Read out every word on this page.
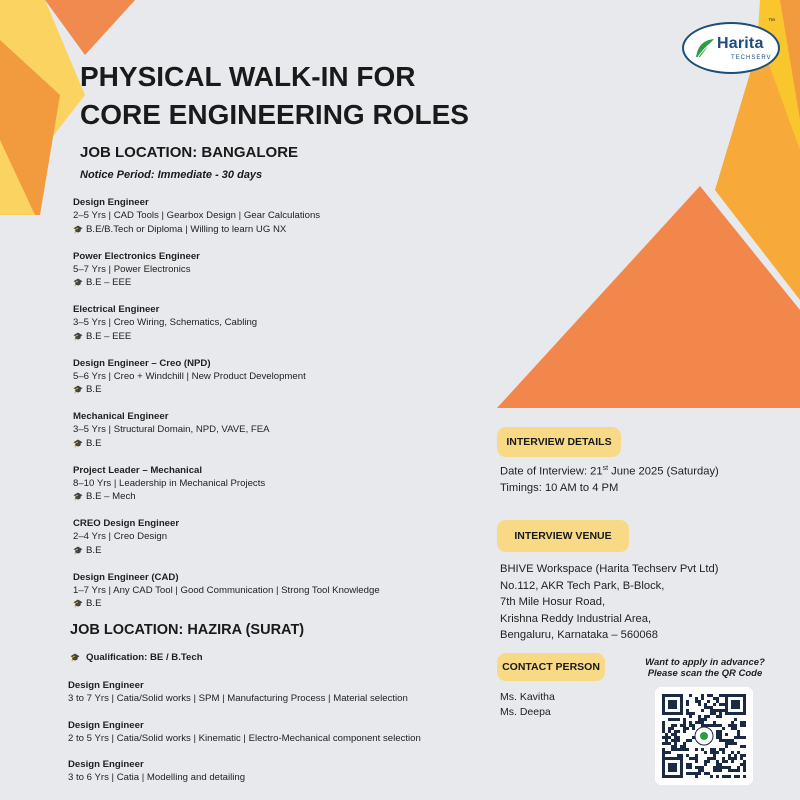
Harita
TECHSERV
™
PHYSICAL WALK-IN FOR
CORE ENGINEERING ROLES
JOB LOCATION: BANGALORE
Notice Period: Immediate - 30 days
Design Engineer
2–5 Yrs | CAD Tools | Gearbox Design | Gear Calculations
🎓 B.E/B.Tech or Diploma | Willing to learn UG NX
Power Electronics Engineer
5–7 Yrs | Power Electronics
🎓 B.E – EEE
Electrical Engineer
3–5 Yrs | Creo Wiring, Schematics, Cabling
🎓 B.E – EEE
Design Engineer – Creo (NPD)
5–6 Yrs | Creo + Windchill | New Product Development
🎓 B.E
Mechanical Engineer
3–5 Yrs | Structural Domain, NPD, VAVE, FEA
🎓 B.E
Project Leader – Mechanical
8–10 Yrs | Leadership in Mechanical Projects
🎓 B.E – Mech
CREO Design Engineer
2–4 Yrs | Creo Design
🎓 B.E
Design Engineer (CAD)
1–7 Yrs | Any CAD Tool | Good Communication | Strong Tool Knowledge
🎓 B.E
JOB LOCATION: HAZIRA (SURAT)
🎓 Qualification: BE / B.Tech
Design Engineer
3 to 7 Yrs | Catia/Solid works | SPM | Manufacturing Process | Material selection
Design Engineer
2 to 5 Yrs | Catia/Solid works | Kinematic | Electro-Mechanical component selection
Design Engineer
3 to 6 Yrs | Catia | Modelling and detailing
INTERVIEW DETAILS
Date of Interview: 21st June 2025 (Saturday)
Timings: 10 AM to 4 PM
INTERVIEW VENUE
BHIVE Workspace (Harita Techserv Pvt Ltd)
No.112, AKR Tech Park, B-Block,
7th Mile Hosur Road,
Krishna Reddy Industrial Area,
Bengaluru, Karnataka – 560068
CONTACT PERSON
Ms. Kavitha
Ms. Deepa
Want to apply in advance?
Please scan the QR Code
